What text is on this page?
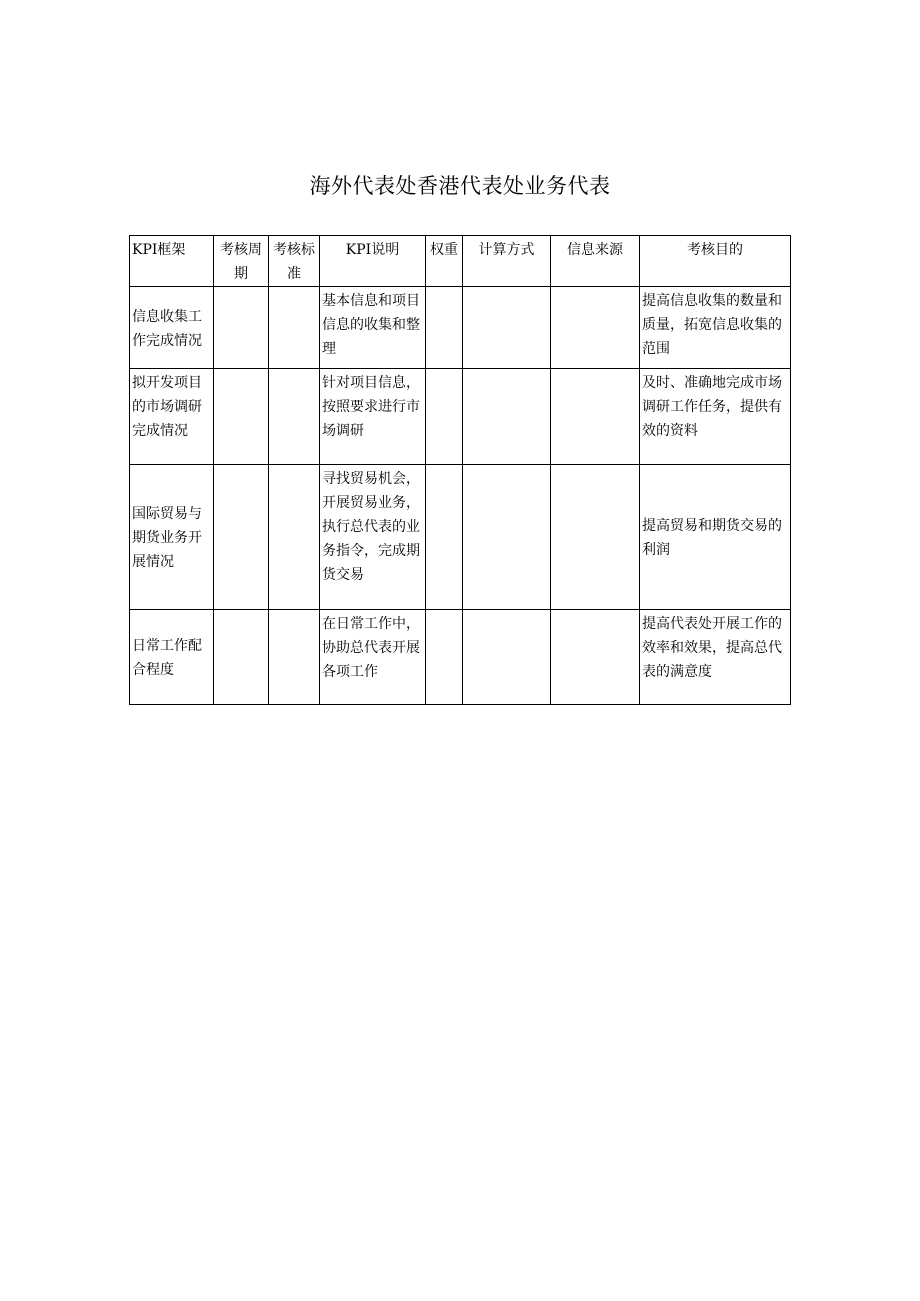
海外代表处香港代表处业务代表
KPI框架	考核周期	考核标准	KPI说明	权重	计算方式	信息来源	考核目的
信息收集工作完成情况			基本信息和项目信息的收集和整理				提高信息收集的数量和质量，拓宽信息收集的范围
拟开发项目的市场调研完成情况			针对项目信息，按照要求进行市场调研				及时、准确地完成市场调研工作任务，提供有效的资料
国际贸易与期货业务开展情况			寻找贸易机会，开展贸易业务，执行总代表的业务指令，完成期货交易				提高贸易和期货交易的利润
日常工作配合程度			在日常工作中，协助总代表开展各项工作				提高代表处开展工作的效率和效果，提高总代表的满意度
